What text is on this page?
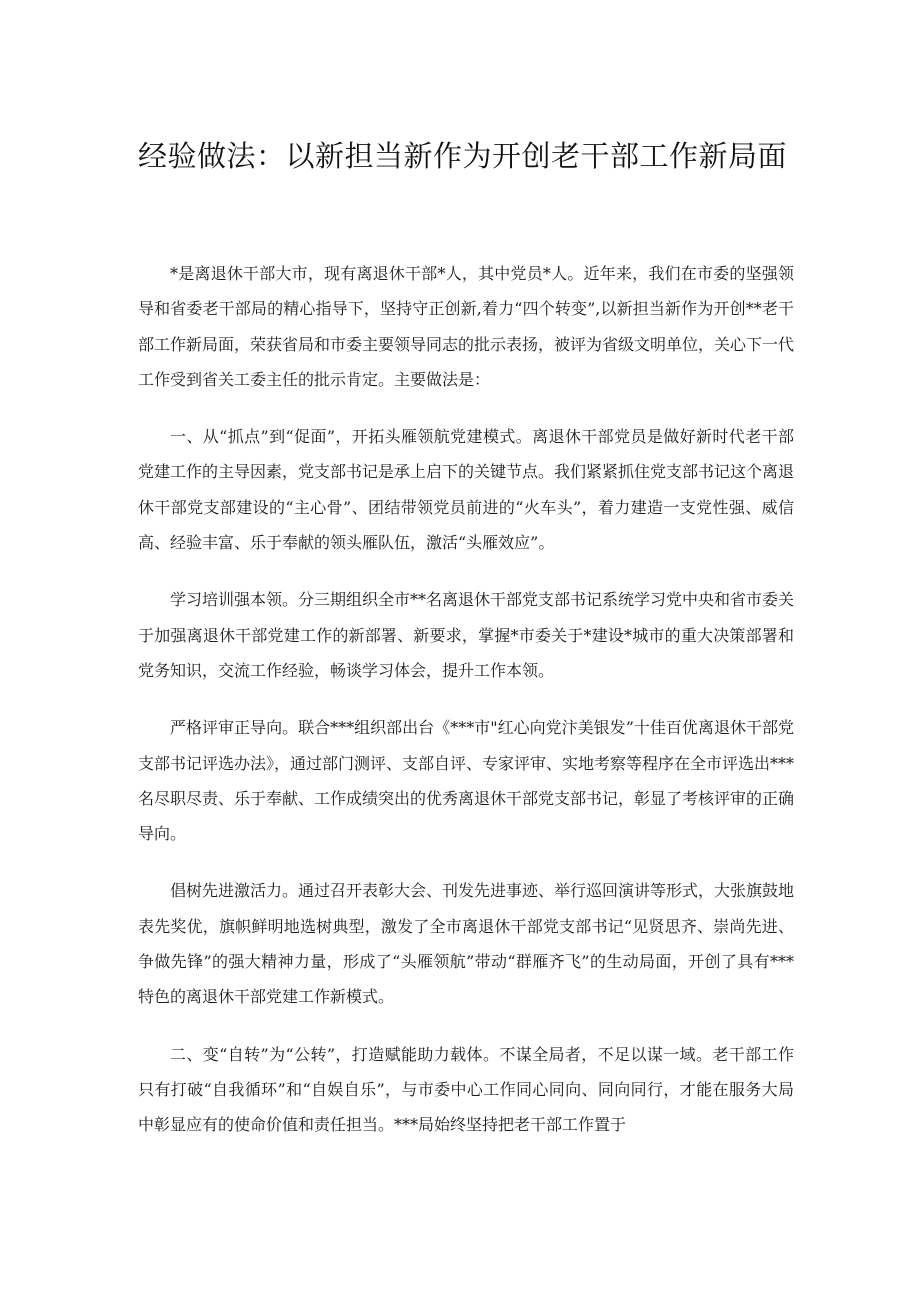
经验做法：以新担当新作为开创老干部工作新局面

*是离退休干部大市，现有离退休干部*人，其中党员*人。近年来，我们在市委的坚强领导和省委老干部局的精心指导下，坚持守正创新,着力“四个转变”,以新担当新作为开创**老干部工作新局面，荣获省局和市委主要领导同志的批示表扬，被评为省级文明单位，关心下一代工作受到省关工委主任的批示肯定。主要做法是：

一、从“抓点”到“促面”，开拓头雁领航党建模式。离退休干部党员是做好新时代老干部党建工作的主导因素，党支部书记是承上启下的关键节点。我们紧紧抓住党支部书记这个离退休干部党支部建设的“主心骨”、团结带领党员前进的“火车头”，着力建造一支党性强、威信高、经验丰富、乐于奉献的领头雁队伍，激活“头雁效应”。

学习培训强本领。分三期组织全市**名离退休干部党支部书记系统学习党中央和省市委关于加强离退休干部党建工作的新部署、新要求，掌握*市委关于*建设*城市的重大决策部署和党务知识，交流工作经验，畅谈学习体会，提升工作本领。

严格评审正导向。联合***组织部出台《***市"红心向党汴美银发”十佳百优离退休干部党支部书记评选办法》，通过部门测评、支部自评、专家评审、实地考察等程序在全市评选出***名尽职尽责、乐于奉献、工作成绩突出的优秀离退休干部党支部书记，彰显了考核评审的正确导向。

倡树先进激活力。通过召开表彰大会、刊发先进事迹、举行巡回演讲等形式，大张旗鼓地表先奖优，旗帜鲜明地选树典型，激发了全市离退休干部党支部书记“见贤思齐、崇尚先进、争做先锋”的强大精神力量，形成了“头雁领航”带动“群雁齐飞”的生动局面，开创了具有***特色的离退休干部党建工作新模式。

二、变“自转”为“公转”，打造赋能助力载体。不谋全局者，不足以谋一域。老干部工作只有打破“自我循环”和“自娱自乐”，与市委中心工作同心同向、同向同行，才能在服务大局中彰显应有的使命价值和责任担当。***局始终坚持把老干部工作置于
